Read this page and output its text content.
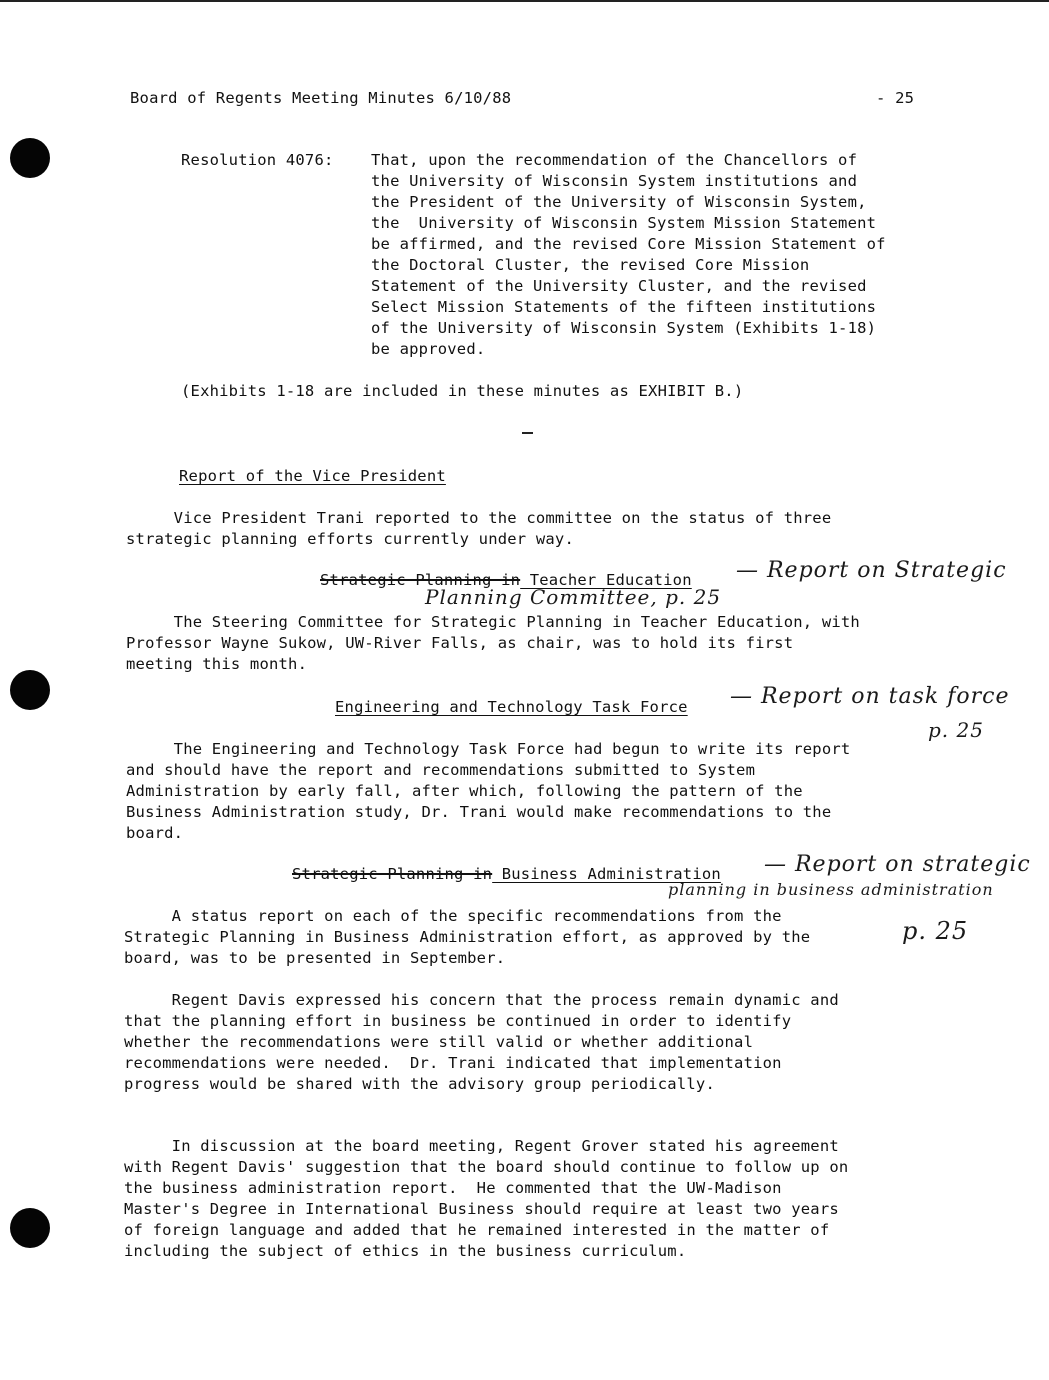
Board of Regents Meeting Minutes 6/10/88	- 25
Resolution 4076: That, upon the recommendation of the Chancellors of
the University of Wisconsin System institutions and
the President of the University of Wisconsin System,
the  University of Wisconsin System Mission Statement
be affirmed, and the revised Core Mission Statement of
the Doctoral Cluster, the revised Core Mission
Statement of the University Cluster, and the revised
Select Mission Statements of the fifteen institutions
of the University of Wisconsin System (Exhibits 1-18)
be approved.
(Exhibits 1-18 are included in these minutes as EXHIBIT B.)
Report of the Vice President
Vice President Trani reported to the committee on the status of three
strategic planning efforts currently under way.
Strategic Planning in Teacher Education — Report on Strategic
Planning Committee, p. 25
The Steering Committee for Strategic Planning in Teacher Education, with
Professor Wayne Sukow, UW-River Falls, as chair, was to hold its first
meeting this month.
Engineering and Technology Task Force — Report on task force
p. 25
The Engineering and Technology Task Force had begun to write its report
and should have the report and recommendations submitted to System
Administration by early fall, after which, following the pattern of the
Business Administration study, Dr. Trani would make recommendations to the
board.
Strategic Planning in Business Administration — Report on strategic
planning in business administration
p. 25
A status report on each of the specific recommendations from the
Strategic Planning in Business Administration effort, as approved by the
board, was to be presented in September.
Regent Davis expressed his concern that the process remain dynamic and
that the planning effort in business be continued in order to identify
whether the recommendations were still valid or whether additional
recommendations were needed.  Dr. Trani indicated that implementation
progress would be shared with the advisory group periodically.
In discussion at the board meeting, Regent Grover stated his agreement
with Regent Davis' suggestion that the board should continue to follow up on
the business administration report.  He commented that the UW-Madison
Master's Degree in International Business should require at least two years
of foreign language and added that he remained interested in the matter of
including the subject of ethics in the business curriculum.
